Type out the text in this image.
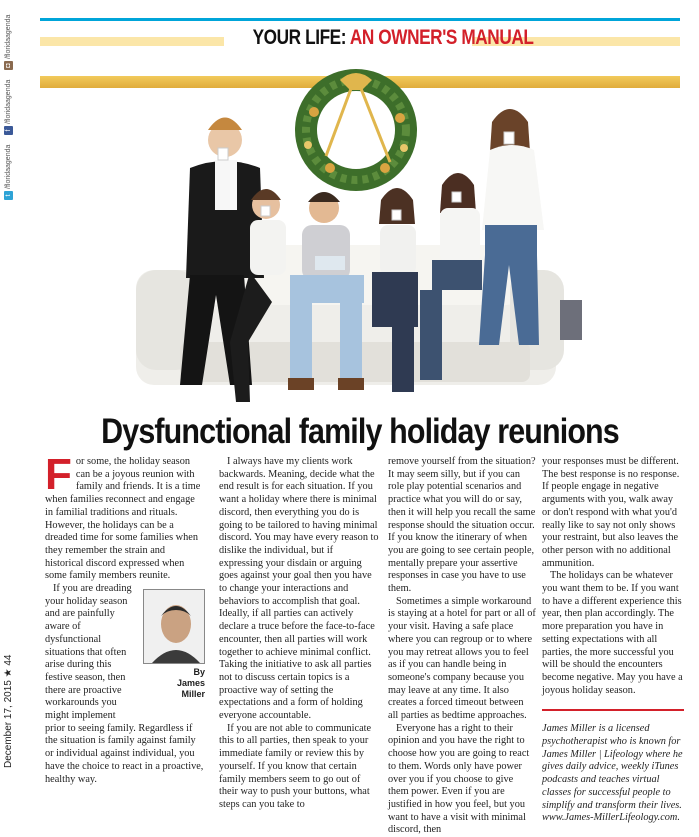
t
/floridaagenda
f
/floridaagenda
◘
/floridaagenda
December 17, 2015 ★ 44
YOUR LIFE: AN OWNER'S MANUAL
Dysfunctional family holiday reunions

For some, the holiday season can be a joyous reunion with family and friends. It is a time when families reconnect and engage in familial traditions and rituals. However, the holidays can be a dreaded time for some families when they remember the strain and historical discord expressed when some family members reunite.

By
James Miller

If you are dreading your holiday season and are painfully aware of dysfunctional situations that often arise during this festive season, then there are proactive workarounds you might implement prior to seeing family. Regardless if the situation is family against family or individual against individual, you have the choice to react in a proactive, healthy way.

I always have my clients work backwards. Meaning, decide what the end result is for each situation. If you want a holiday where there is minimal discord, then everything you do is going to be tailored to having minimal discord. You may have every reason to dislike the individual, but if expressing your disdain or arguing goes against your goal then you have to change your interactions and behaviors to accomplish that goal. Ideally, if all parties can actively declare a truce before the face-to-face encounter, then all parties will work together to achieve minimal conflict. Taking the initiative to ask all parties not to discuss certain topics is a proactive way of setting the expectations and a form of holding everyone accountable.

If you are not able to communicate this to all parties, then speak to your immediate family or review this by yourself. If you know that certain family members seem to go out of their way to push your buttons, what steps can you take to

remove yourself from the situation? It may seem silly, but if you can role play potential scenarios and practice what you will do or say, then it will help you recall the same response should the situation occur. If you know the itinerary of when you are going to see certain people, mentally prepare your assertive responses in case you have to use them.

Sometimes a simple workaround is staying at a hotel for part or all of your visit. Having a safe place where you can regroup or to where you may retreat allows you to feel as if you can handle being in someone's company because you may leave at any time. It also creates a forced timeout between all parties as bedtime approaches.

Everyone has a right to their opinion and you have the right to choose how you are going to react to them. Words only have power over you if you choose to give them power. Even if you are justified in how you feel, but you want to have a visit with minimal discord, then

your responses must be different. The best response is no response. If people engage in negative arguments with you, walk away or don't respond with what you'd really like to say not only shows your restraint, but also leaves the other person with no additional ammunition.

The holidays can be whatever you want them to be. If you want to have a different experience this year, then plan accordingly. The more preparation you have in setting expectations with all parties, the more successful you will be should the encounters become negative. May you have a joyous holiday season.

James Miller is a licensed psychotherapist who is known for James Miller | Lifeology where he gives daily advice, weekly iTunes podcasts and teaches virtual classes for successful people to simplify and transform their lives. www.James-MillerLifeology.com.
